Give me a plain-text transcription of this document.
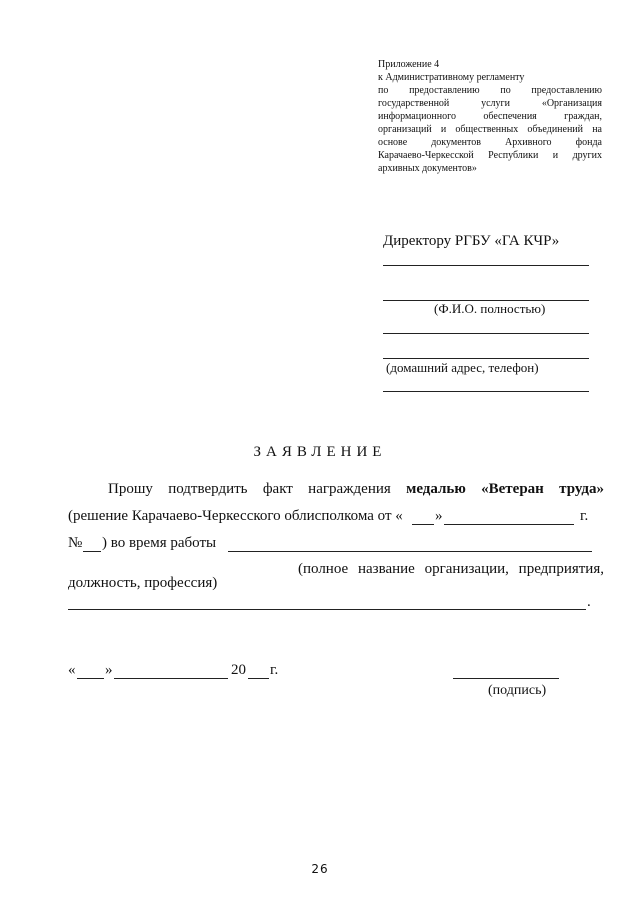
Приложение 4
к Административному регламенту
по предоставлению по предоставлению
государственной услуги «Организация
информационного обеспечения граждан,
организаций и общественных объединений на
основе документов Архивного фонда
Карачаево-Черкесской Республики и других
архивных документов»
Директору РГБУ «ГА КЧР»
(Ф.И.О. полностью)
(домашний адрес, телефон)
ЗАЯВЛЕНИЕ
Прошу подтвердить факт награждения медалью «Ветеран труда»
(решение Карачаево-Черкесского облисполкома от « »	г.
№ ) во время работы
(полное название организации, предприятия,
должность, профессия)
.
« »	20 г.
(подпись)
26
